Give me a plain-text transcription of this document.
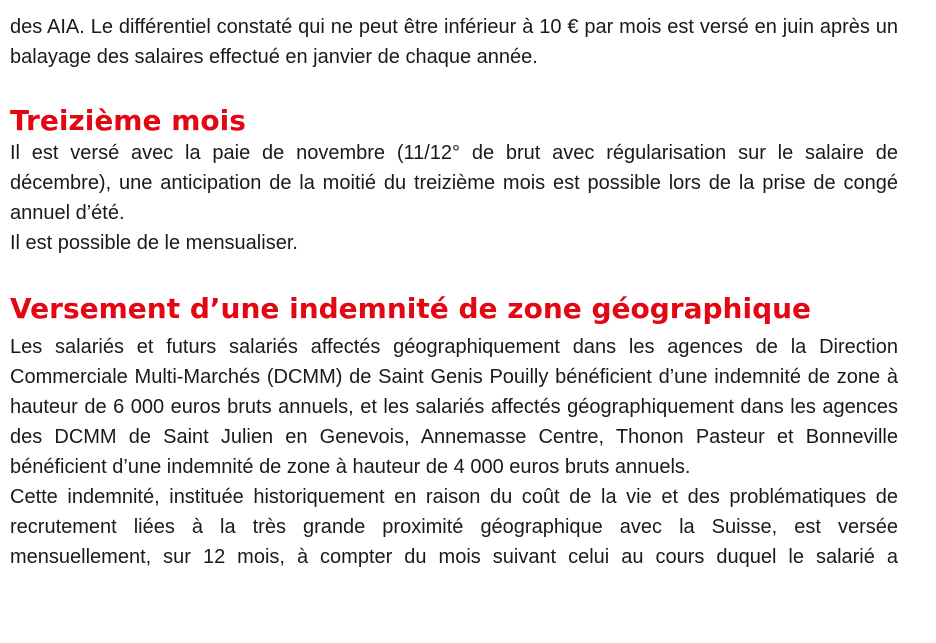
des AIA. Le différentiel constaté qui ne peut être inférieur à 10 € par mois est versé en juin après un balayage des salaires effectué en janvier de chaque année.

Treizième mois

Il est versé avec la paie de novembre (11/12° de brut avec régularisation sur le salaire de décembre), une anticipation de la moitié du treizième mois est possible lors de la prise de congé annuel d’été.

Il est possible de le mensualiser.

Versement d’une indemnité de zone géographique

Les salariés et futurs salariés affectés géographiquement dans les agences de la Direction Commerciale Multi-Marchés (DCMM) de Saint Genis Pouilly bénéficient d’une indemnité de zone à hauteur de 6 000 euros bruts annuels, et les salariés affectés géographiquement dans les agences des DCMM de Saint Julien en Genevois, Annemasse Centre, Thonon Pasteur et Bonneville bénéficient d’une indemnité de zone à hauteur de 4 000 euros bruts annuels.

Cette indemnité, instituée historiquement en raison du coût de la vie et des problématiques de recrutement liées à la très grande proximité géographique avec la Suisse, est versée mensuellement, sur 12 mois, à compter du mois suivant celui au cours duquel le salarié a
